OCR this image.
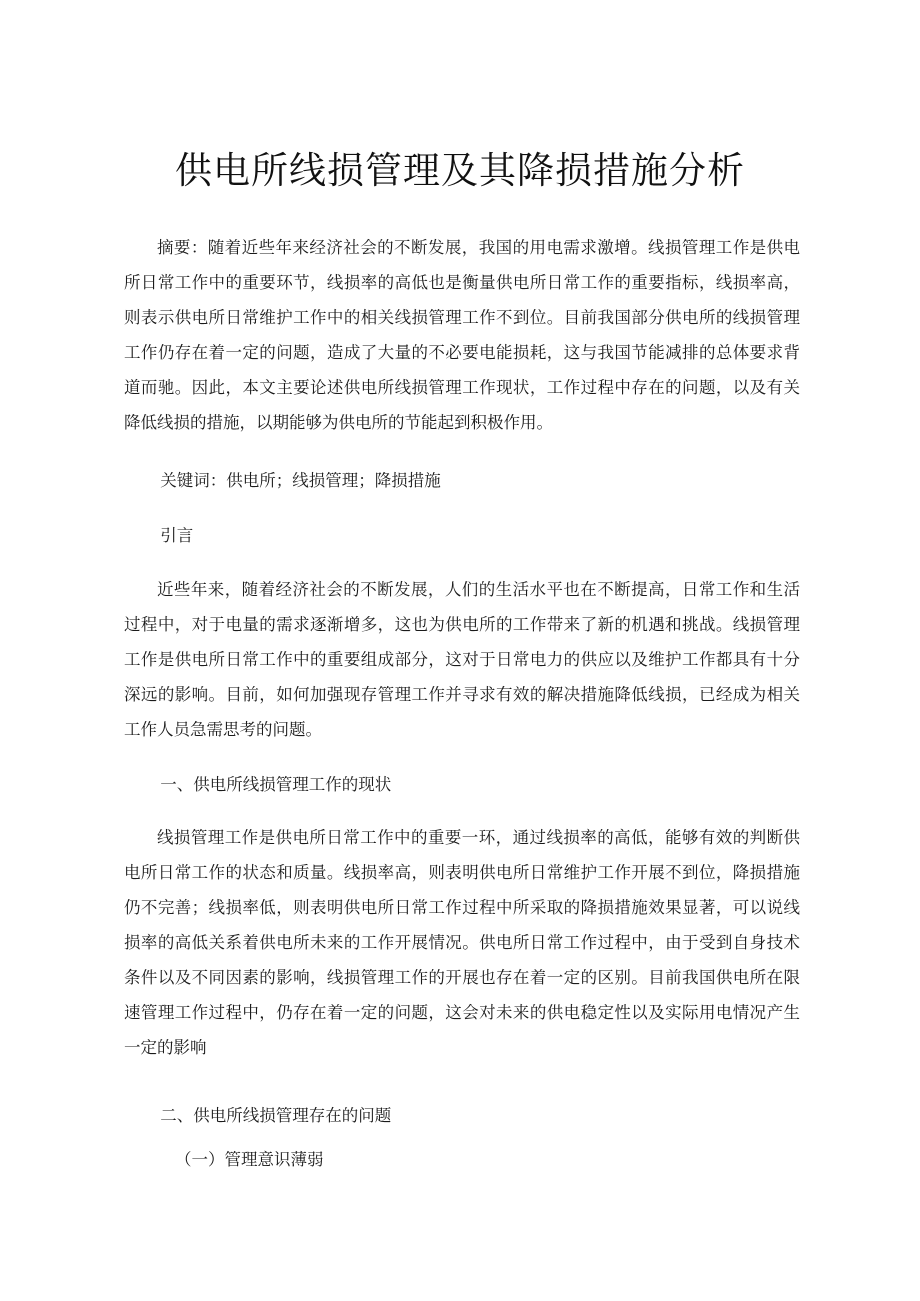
供电所线损管理及其降损措施分析

摘要：随着近些年来经济社会的不断发展，我国的用电需求激增。线损管理工作是供电所日常工作中的重要环节，线损率的高低也是衡量供电所日常工作的重要指标，线损率高，则表示供电所日常维护工作中的相关线损管理工作不到位。目前我国部分供电所的线损管理工作仍存在着一定的问题，造成了大量的不必要电能损耗，这与我国节能减排的总体要求背道而驰。因此，本文主要论述供电所线损管理工作现状，工作过程中存在的问题，以及有关降低线损的措施，以期能够为供电所的节能起到积极作用。

关键词：供电所；线损管理；降损措施

引言

近些年来，随着经济社会的不断发展，人们的生活水平也在不断提高，日常工作和生活过程中，对于电量的需求逐渐增多，这也为供电所的工作带来了新的机遇和挑战。线损管理工作是供电所日常工作中的重要组成部分，这对于日常电力的供应以及维护工作都具有十分深远的影响。目前，如何加强现存管理工作并寻求有效的解决措施降低线损，已经成为相关工作人员急需思考的问题。

一、供电所线损管理工作的现状

线损管理工作是供电所日常工作中的重要一环，通过线损率的高低，能够有效的判断供电所日常工作的状态和质量。线损率高，则表明供电所日常维护工作开展不到位，降损措施仍不完善；线损率低，则表明供电所日常工作过程中所采取的降损措施效果显著，可以说线损率的高低关系着供电所未来的工作开展情况。供电所日常工作过程中，由于受到自身技术条件以及不同因素的影响，线损管理工作的开展也存在着一定的区别。目前我国供电所在限速管理工作过程中，仍存在着一定的问题，这会对未来的供电稳定性以及实际用电情况产生一定的影响

二、供电所线损管理存在的问题

（一）管理意识薄弱
